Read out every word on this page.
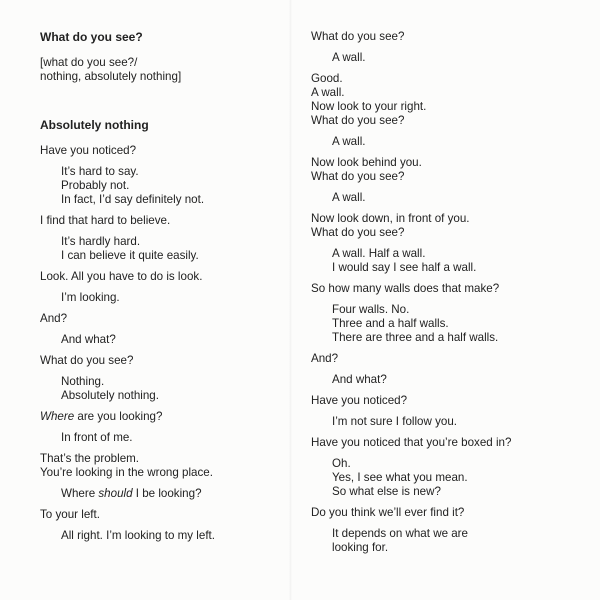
What do you see?

[what do you see?/
nothing, absolutely nothing]

Absolutely nothing

Have you noticed?

It’s hard to say.
Probably not.
In fact, I’d say definitely not.

I find that hard to believe.

It’s hardly hard.
I can believe it quite easily.

Look. All you have to do is look.

I’m looking.

And?

And what?

What do you see?

Nothing.
Absolutely nothing.

Where are you looking?

In front of me.

That’s the problem.
You’re looking in the wrong place.

Where should I be looking?

To your left.

All right. I’m looking to my left.

What do you see?

A wall.

Good.
A wall.
Now look to your right.
What do you see?

A wall.

Now look behind you.
What do you see?

A wall.

Now look down, in front of you.
What do you see?

A wall. Half a wall.
I would say I see half a wall.

So how many walls does that make?

Four walls. No.
Three and a half walls.
There are three and a half walls.

And?

And what?

Have you noticed?

I’m not sure I follow you.

Have you noticed that you’re boxed in?

Oh.
Yes, I see what you mean.
So what else is new?

Do you think we’ll ever find it?

It depends on what we are
looking for.
